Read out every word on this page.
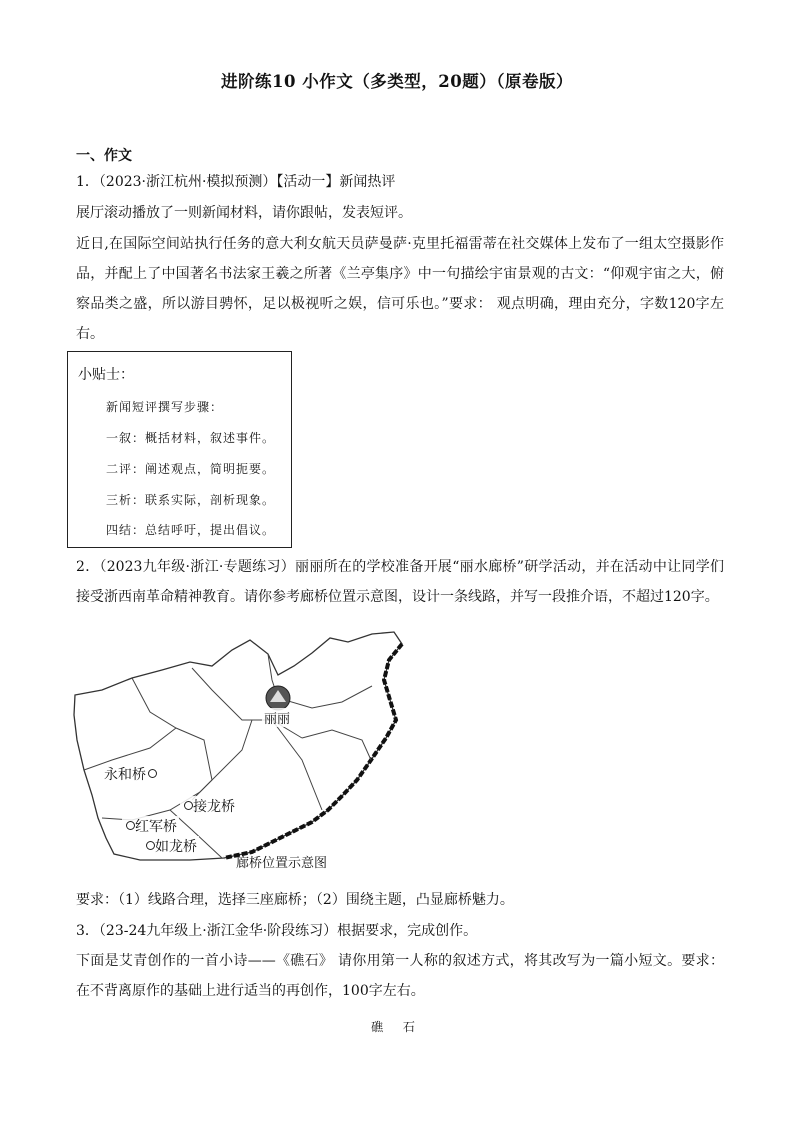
进阶练10 小作文（多类型，20题）（原卷版）
一、作文
1．（2023·浙江杭州·模拟预测）【活动一】新闻热评
展厅滚动播放了一则新闻材料，请你跟帖，发表短评。
近日,在国际空间站执行任务的意大利女航天员萨曼萨·克里托福雷蒂在社交媒体上发布了一组太空摄影作品，并配上了中国著名书法家王羲之所著《兰亭集序》中一句描绘宇宙景观的古文：“仰观宇宙之大，俯察品类之盛，所以游目骋怀，足以极视听之娱，信可乐也。”要求： 观点明确，理由充分，字数120字左右。
小贴士：
新闻短评撰写步骤：
一叙：概括材料，叙述事件。
二评：阐述观点，简明扼要。
三析：联系实际，剖析现象。
四结：总结呼吁，提出倡议。
2．（2023九年级·浙江·专题练习）丽丽所在的学校准备开展“丽水廊桥”研学活动，并在活动中让同学们接受浙西南革命精神教育。请你参考廊桥位置示意图，设计一条线路，并写一段推介语，不超过120字。
丽丽
永和桥
接龙桥
红军桥
如龙桥
廊桥位置示意图
要求：（1）线路合理，选择三座廊桥；（2）围绕主题，凸显廊桥魅力。
3．（23-24九年级上·浙江金华·阶段练习）根据要求，完成创作。
下面是艾青创作的一首小诗——《礁石》 请你用第一人称的叙述方式，将其改写为一篇小短文。要求：在不背离原作的基础上进行适当的再创作，100字左右。
礁 石
